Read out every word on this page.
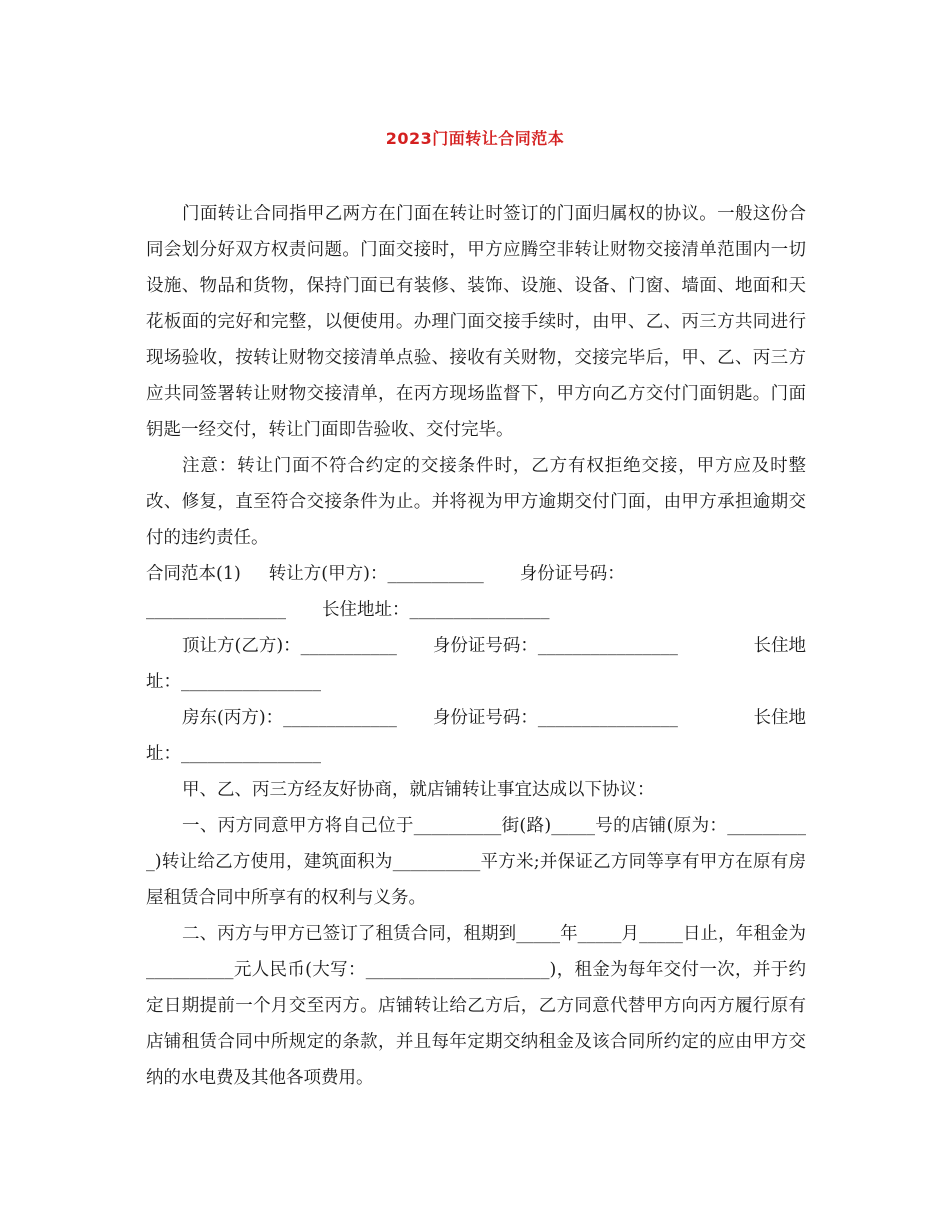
2023门面转让合同范本

门面转让合同指甲乙两方在门面在转让时签订的门面归属权的协议。一般这份合同会划分好双方权责问题。门面交接时，甲方应腾空非转让财物交接清单范围内一切设施、物品和货物，保持门面已有装修、装饰、设施、设备、门窗、墙面、地面和天花板面的完好和完整，以便使用。办理门面交接手续时，由甲、乙、丙三方共同进行现场验收，按转让财物交接清单点验、接收有关财物，交接完毕后，甲、乙、丙三方应共同签署转让财物交接清单，在丙方现场监督下，甲方向乙方交付门面钥匙。门面钥匙一经交付，转让门面即告验收、交付完毕。

注意：转让门面不符合约定的交接条件时，乙方有权拒绝交接，甲方应及时整改、修复，直至符合交接条件为止。并将视为甲方逾期交付门面，由甲方承担逾期交付的违约责任。

合同范本(1) 转让方(甲方)：___________ 身份证号码：
________________ 长住地址：________________
顶让方(乙方)：___________ 身份证号码：________________	长住地
址：________________
房东(丙方)：_____________ 身份证号码：________________	长住地
址：________________

甲、乙、丙三方经友好协商，就店铺转让事宜达成以下协议：

一、丙方同意甲方将自己位于__________街(路)_____号的店铺(原为：__________)转让给乙方使用，建筑面积为__________平方米;并保证乙方同等享有甲方在原有房屋租赁合同中所享有的权利与义务。

二、丙方与甲方已签订了租赁合同，租期到_____年_____月_____日止，年租金为__________元人民币(大写：_____________________)，租金为每年交付一次，并于约定日期提前一个月交至丙方。店铺转让给乙方后，乙方同意代替甲方向丙方履行原有店铺租赁合同中所规定的条款，并且每年定期交纳租金及该合同所约定的应由甲方交纳的水电费及其他各项费用。
